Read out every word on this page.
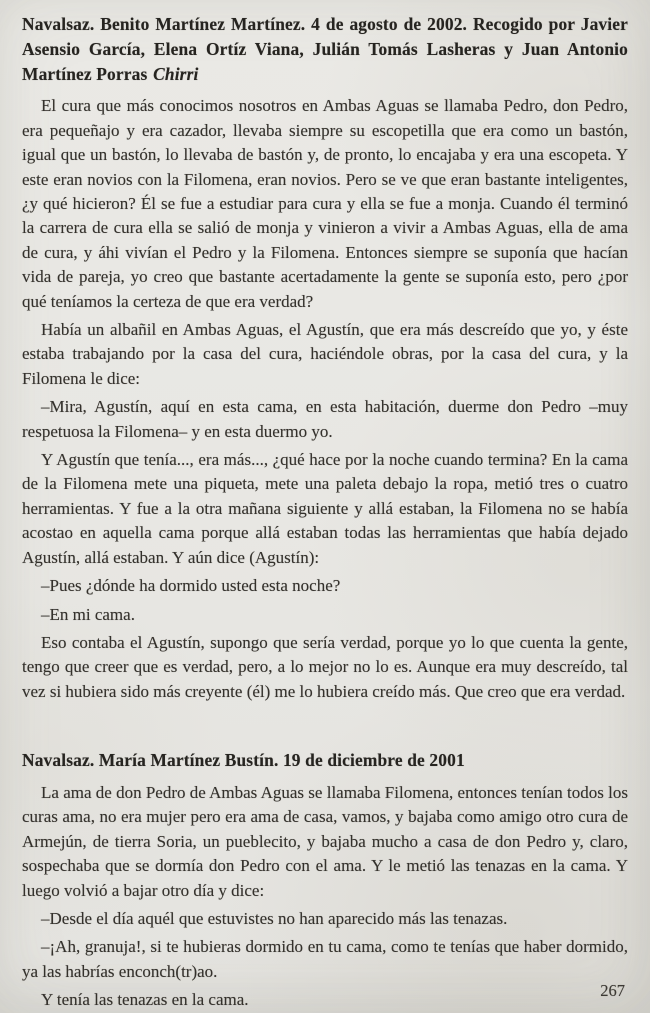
Navalsaz. Benito Martínez Martínez. 4 de agosto de 2002. Recogido por Javier Asensio García, Elena Ortíz Viana, Julián Tomás Lasheras y Juan Antonio Martínez Porras Chirri

El cura que más conocimos nosotros en Ambas Aguas se llamaba Pedro, don Pedro, era pequeñajo y era cazador, llevaba siempre su escopetilla que era como un bastón, igual que un bastón, lo llevaba de bastón y, de pronto, lo encajaba y era una escopeta. Y este eran novios con la Filomena, eran novios. Pero se ve que eran bastante inteligentes, ¿y qué hicieron? Él se fue a estudiar para cura y ella se fue a monja. Cuando él terminó la carrera de cura ella se salió de monja y vinieron a vivir a Ambas Aguas, ella de ama de cura, y áhi vivían el Pedro y la Filomena. Entonces siempre se suponía que hacían vida de pareja, yo creo que bastante acertadamente la gente se suponía esto, pero ¿por qué teníamos la certeza de que era verdad?

Había un albañil en Ambas Aguas, el Agustín, que era más descreído que yo, y éste estaba trabajando por la casa del cura, haciéndole obras, por la casa del cura, y la Filomena le dice:

–Mira, Agustín, aquí en esta cama, en esta habitación, duerme don Pedro –muy respetuosa la Filomena– y en esta duermo yo.

Y Agustín que tenía..., era más..., ¿qué hace por la noche cuando termina? En la cama de la Filomena mete una piqueta, mete una paleta debajo la ropa, metió tres o cuatro herramientas. Y fue a la otra mañana siguiente y allá estaban, la Filomena no se había acostao en aquella cama porque allá estaban todas las herramientas que había dejado Agustín, allá estaban. Y aún dice (Agustín):

–Pues ¿dónde ha dormido usted esta noche?

–En mi cama.

Eso contaba el Agustín, supongo que sería verdad, porque yo lo que cuenta la gente, tengo que creer que es verdad, pero, a lo mejor no lo es. Aunque era muy descreído, tal vez si hubiera sido más creyente (él) me lo hubiera creído más. Que creo que era verdad.

Navalsaz. María Martínez Bustín. 19 de diciembre de 2001

La ama de don Pedro de Ambas Aguas se llamaba Filomena, entonces tenían todos los curas ama, no era mujer pero era ama de casa, vamos, y bajaba como amigo otro cura de Armejún, de tierra Soria, un pueblecito, y bajaba mucho a casa de don Pedro y, claro, sospechaba que se dormía don Pedro con el ama. Y le metió las tenazas en la cama. Y luego volvió a bajar otro día y dice:

–Desde el día aquél que estuvistes no han aparecido más las tenazas.

–¡Ah, granuja!, si te hubieras dormido en tu cama, como te tenías que haber dormido, ya las habrías enconch(tr)ao.

Y tenía las tenazas en la cama.	267
